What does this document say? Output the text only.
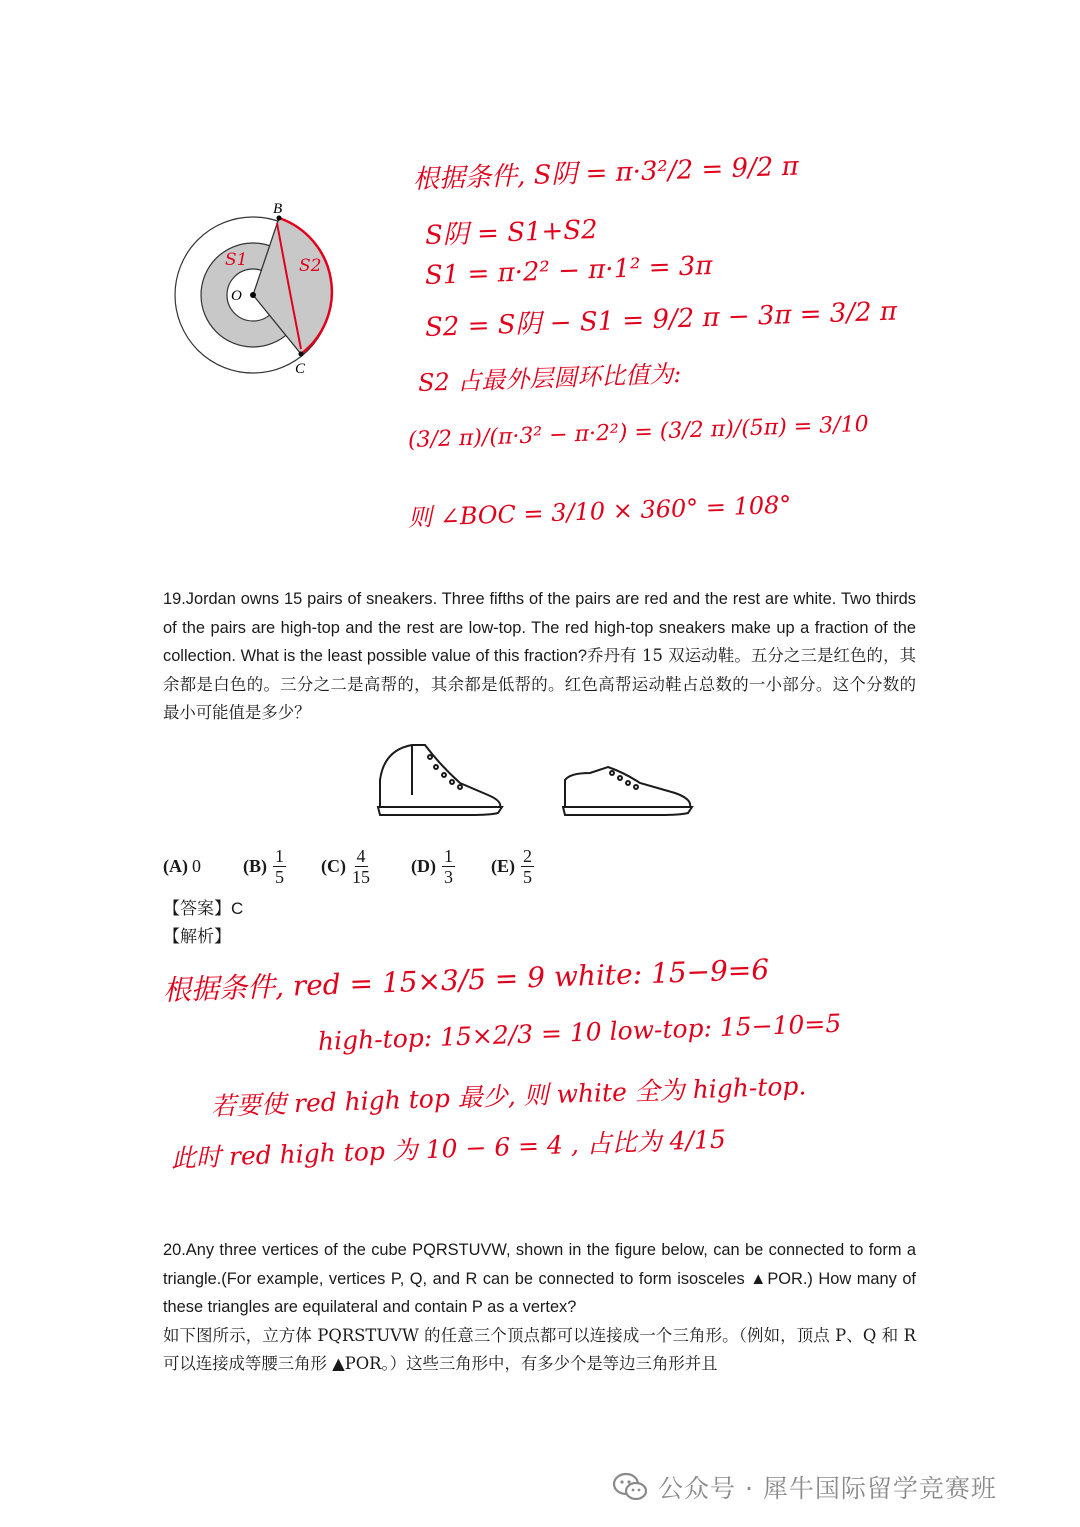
B
O
C
S1	S2
根据条件, S阴 = π·3²/2 = 9/2 π
S阴 = S1+S2
S1 = π·2² − π·1² = 3π
S2 = S阴 − S1 = 9/2 π − 3π = 3/2 π
S2 占最外层圆环比值为:
(3/2 π)/(π·3² − π·2²) = (3/2 π)/(5π) = 3/10
则 ∠BOC = 3/10 × 360° = 108°
19.Jordan owns 15 pairs of sneakers. Three fifths of the pairs are red and the rest are white. Two thirds of the pairs are high-top and the rest are low-top. The red high-top sneakers make up a fraction of the collection. What is the least possible value of this fraction?乔丹有 15 双运动鞋。五分之三是红色的，其余都是白色的。三分之二是高帮的，其余都是低帮的。红色高帮运动鞋占总数的一小部分。这个分数的最小可能值是多少？
(A) 0 $(B) \frac{1}{5} (C) \frac{4}{15} (D) \frac{1}{3} (E) \frac{2}{5}$
【答案】C
【解析】
根据条件, red = 15×3/5 = 9 white: 15−9=6
high-top: 15×2/3 = 10 low-top: 15−10=5
若要使 red high top 最少, 则 white 全为 high-top.
此时 red high top 为 10 − 6 = 4 , 占比为 4/15
20.Any three vertices of the cube PQRSTUVW, shown in the figure below, can be connected to form a triangle.(For example, vertices P, Q, and R can be connected to form isosceles ▲POR.) How many of these triangles are equilateral and contain P as a vertex?
如下图所示，立方体 PQRSTUVW 的任意三个顶点都可以连接成一个三角形。（例如，顶点 P、Q 和 R 可以连接成等腰三角形 ▲POR。）这些三角形中，有多少个是等边三角形并且
公众号 · 犀牛国际留学竞赛班
